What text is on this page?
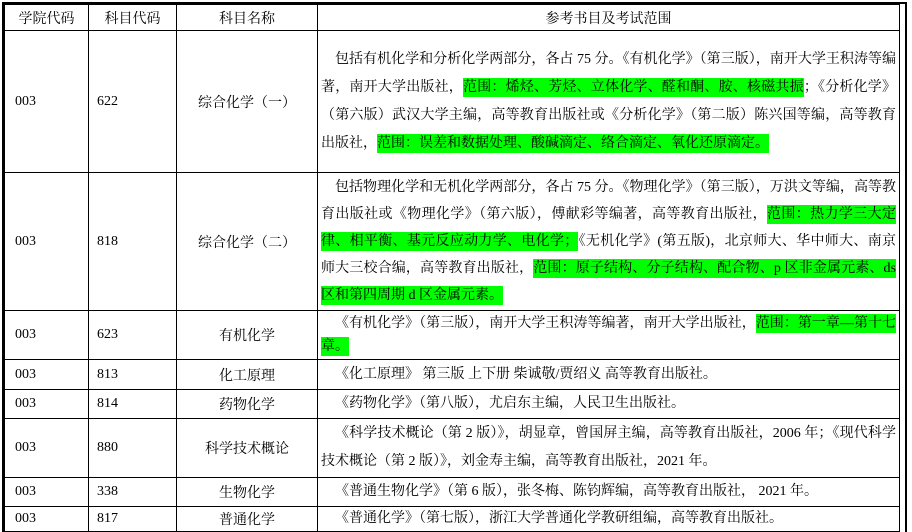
学院代码	科目代码	科目名称	参考书目及考试范围
003	622	综合化学（一）	包括有机化学和分析化学两部分，各占 75 分。《有机化学》（第三版），南开大学王积涛等编著，南开大学出版社，范围：烯烃、芳烃、立体化学、醛和酮、胺、核磁共振；《分析化学》（第六版）武汉大学主编，高等教育出版社或《分析化学》（第二版）陈兴国等编，高等教育出版社，范围：误差和数据处理、酸碱滴定、络合滴定、氧化还原滴定。

003	818	综合化学（二）	包括物理化学和无机化学两部分，各占 75 分。《物理化学》（第三版），万洪文等编，高等教育出版社或《物理化学》（第六版），傅献彩等编著，高等教育出版社，范围：热力学三大定律、相平衡、基元反应动力学、电化学；《无机化学》(第五版)，北京师大、华中师大、南京师大三校合编，高等教育出版社，范围：原子结构、分子结构、配合物、p 区非金属元素、ds 区和第四周期 d 区金属元素。

003	623	有机化学	《有机化学》（第三版），南开大学王积涛等编著，南开大学出版社，范围：第一章—第十七章。

003	813	化工原理	《化工原理》 第三版 上下册 柴诚敬/贾绍义 高等教育出版社。

003	814	药物化学	《药物化学》（第八版），尤启东主编，人民卫生出版社。

003	880	科学技术概论	《科学技术概论（第 2 版）》，胡显章，曾国屏主编，高等教育出版社，2006 年；《现代科学技术概论（第 2 版）》，刘金寿主编，高等教育出版社，2021 年。

003	338	生物化学	《普通生物化学》（第 6 版），张冬梅、陈钧辉编，高等教育出版社， 2021 年。

003	817	普通化学	《普通化学》（第七版），浙江大学普通化学教研组编，高等教育出版社。
